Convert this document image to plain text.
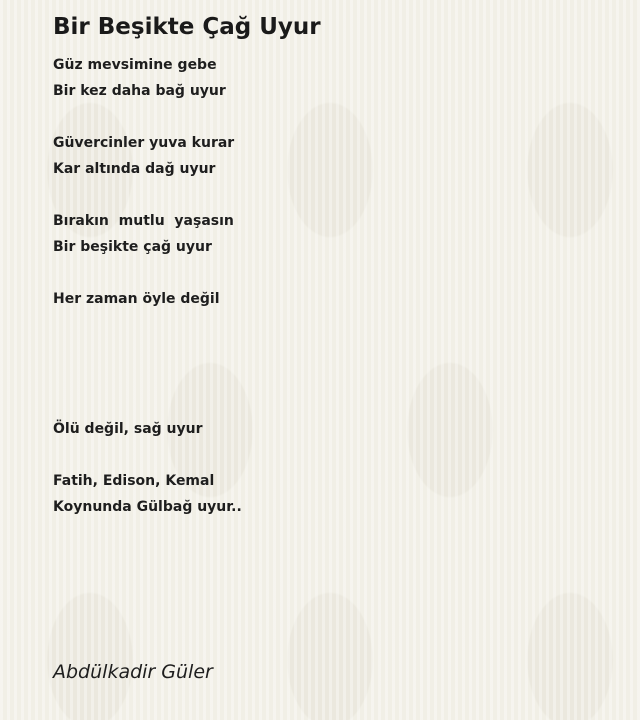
Bir Beşikte Çağ Uyur
Güz mevsimine gebe
Bir kez daha bağ uyur
Güvercinler yuva kurar
Kar altında dağ uyur
Bırakın  mutlu  yaşasın
Bir beşikte çağ uyur
Her zaman öyle değil
Ölü değil, sağ uyur
Fatih, Edison, Kemal
Koynunda Gülbağ uyur..
Abdülkadir Güler
